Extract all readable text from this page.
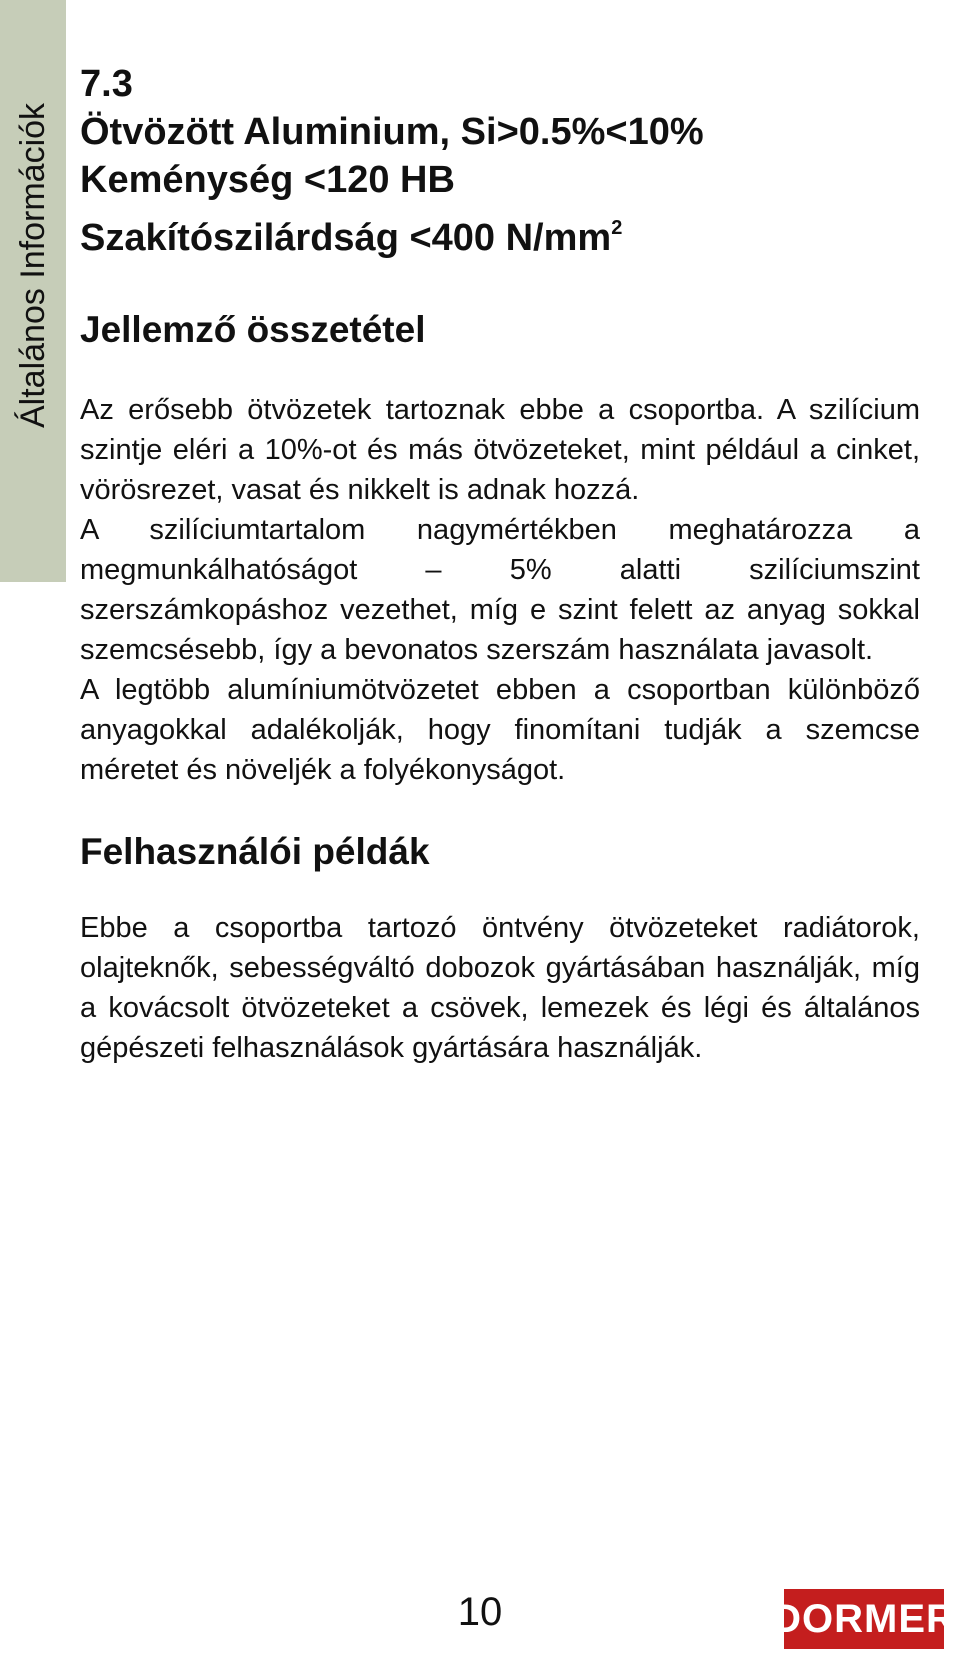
Általános Információk
7.3
Ötvözött Aluminium, Si>0.5%<10%
Keménység <120 HB
Szakítószilárdság <400 $N/mm^2$
Jellemző összetétel

Az erősebb ötvözetek tartoznak ebbe a csoportba. A szilícium szintje eléri a 10%-ot és más ötvözeteket, mint például a cinket, vörösrezet, vasat és nikkelt is adnak hozzá.

A szilíciumtartalom nagymértékben meghatározza a megmunkálhatóságot – 5% alatti szilíciumszint szerszámkopáshoz vezethet, míg e szint felett az anyag sokkal szemcsésebb, így a bevonatos szerszám használata javasolt.

A legtöbb alumíniumötvözetet ebben a csoportban különböző anyagokkal adalékolják, hogy finomítani tudják a szemcse méretet és növeljék a folyékonyságot.

Felhasználói példák

Ebbe a csoportba tartozó öntvény ötvözeteket radiátorok, olajteknők, sebességváltó dobozok gyártásában használják, míg a kovácsolt ötvözeteket a csövek, lemezek és légi és általános gépészeti felhasználások gyártására használják.

10	DORMER
